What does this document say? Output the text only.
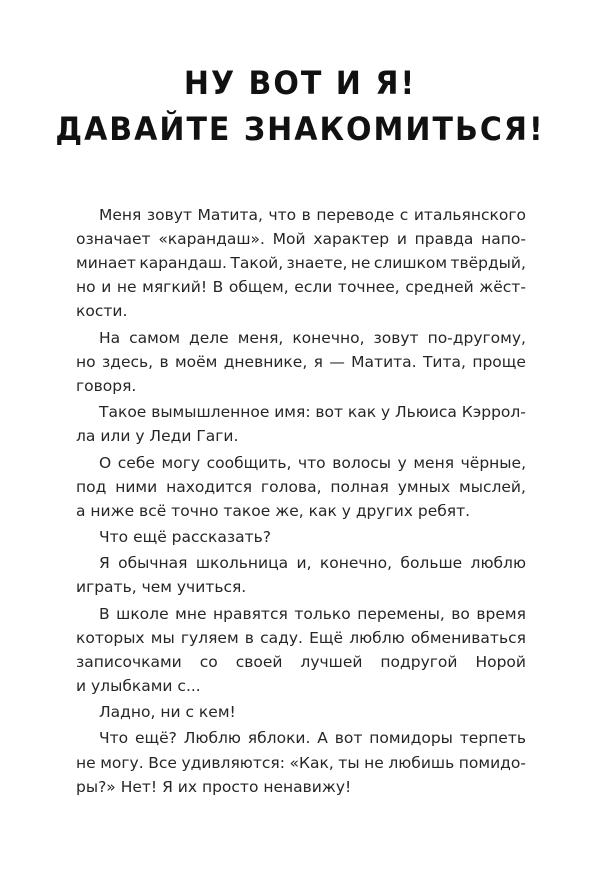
НУ ВОТ И Я!
ДАВАЙТЕ ЗНАКОМИТЬСЯ!
Меня зовут Матита, что в переводе с итальянского
означает «карандаш». Мой характер и правда напо-
минает карандаш. Такой, знаете, не слишком твёрдый,
но и не мягкий! В общем, если точнее, средней жёст-
кости.
На самом деле меня, конечно, зовут по-другому,
но здесь, в моём дневнике, я — Матита. Тита, проще
говоря.
Такое вымышленное имя: вот как у Льюиса Кэррол-
ла или у Леди Гаги.
О себе могу сообщить, что волосы у меня чёрные,
под ними находится голова, полная умных мыслей,
а ниже всё точно такое же, как у других ребят.
Что ещё рассказать?
Я обычная школьница и, конечно, больше люблю
играть, чем учиться.
В школе мне нравятся только перемены, во время
которых мы гуляем в саду. Ещё люблю обмениваться
записочками со своей лучшей подругой Норой
и улыбками с...
Ладно, ни с кем!
Что ещё? Люблю яблоки. А вот помидоры терпеть
не могу. Все удивляются: «Как, ты не любишь помидо-
ры?» Нет! Я их просто ненавижу!
